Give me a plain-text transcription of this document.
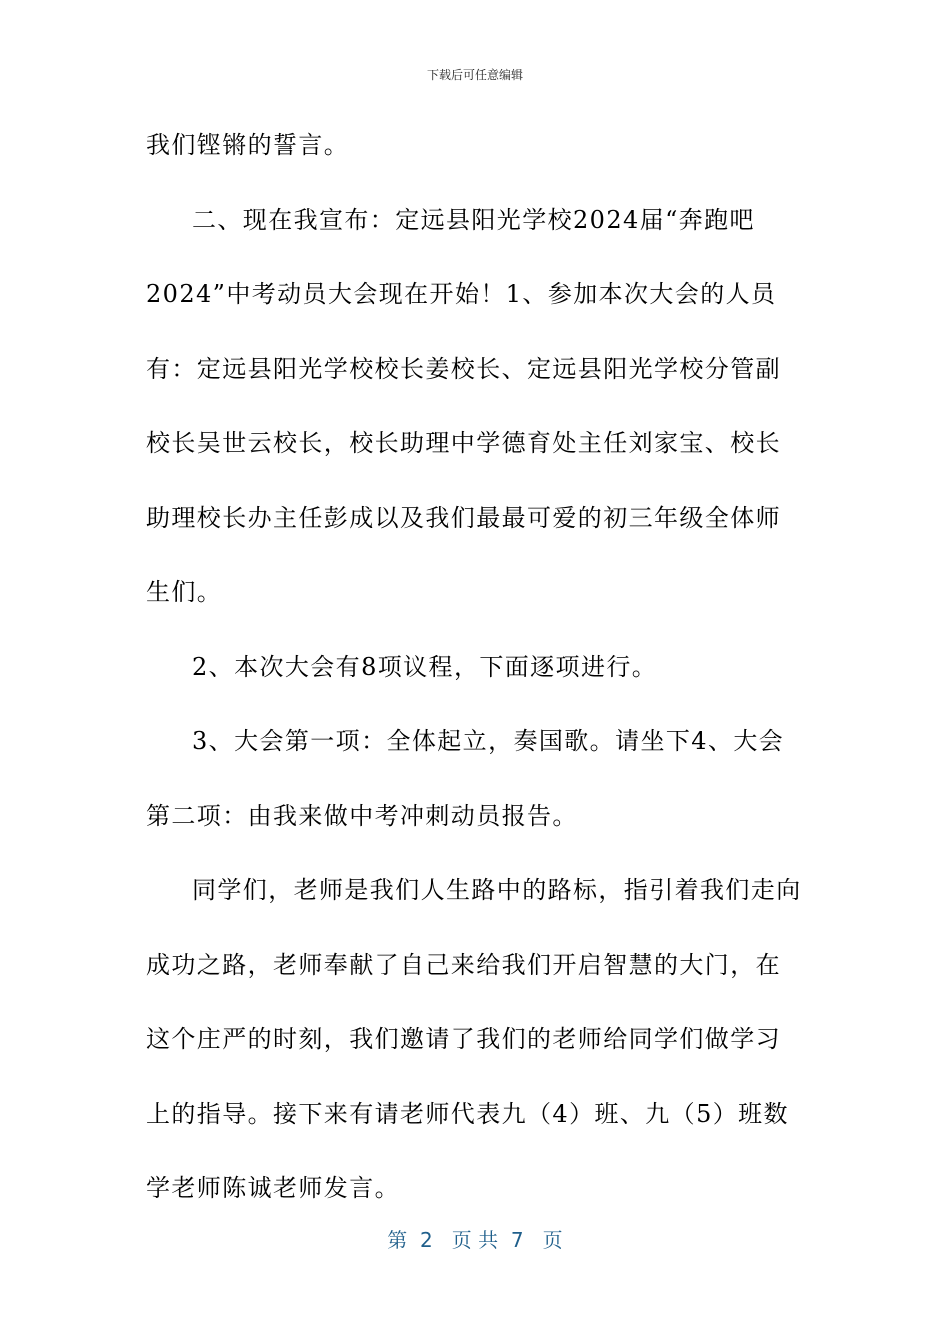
下载后可任意编辑

我们铿锵的誓言。

二、现在我宣布：定远县阳光学校2024届“奔跑吧2024”中考动员大会现在开始！1、参加本次大会的人员有：定远县阳光学校校长姜校长、定远县阳光学校分管副校长吴世云校长，校长助理中学德育处主任刘家宝、校长助理校长办主任彭成以及我们最最可爱的初三年级全体师生们。

2、本次大会有8项议程，下面逐项进行。

3、大会第一项：全体起立，奏国歌。请坐下4、大会第二项：由我来做中考冲刺动员报告。

同学们，老师是我们人生路中的路标，指引着我们走向成功之路，老师奉献了自己来给我们开启智慧的大门，在这个庄严的时刻，我们邀请了我们的老师给同学们做学习上的指导。接下来有请老师代表九（4）班、九（5）班数学老师陈诚老师发言。

第  2   页 共  7   页
